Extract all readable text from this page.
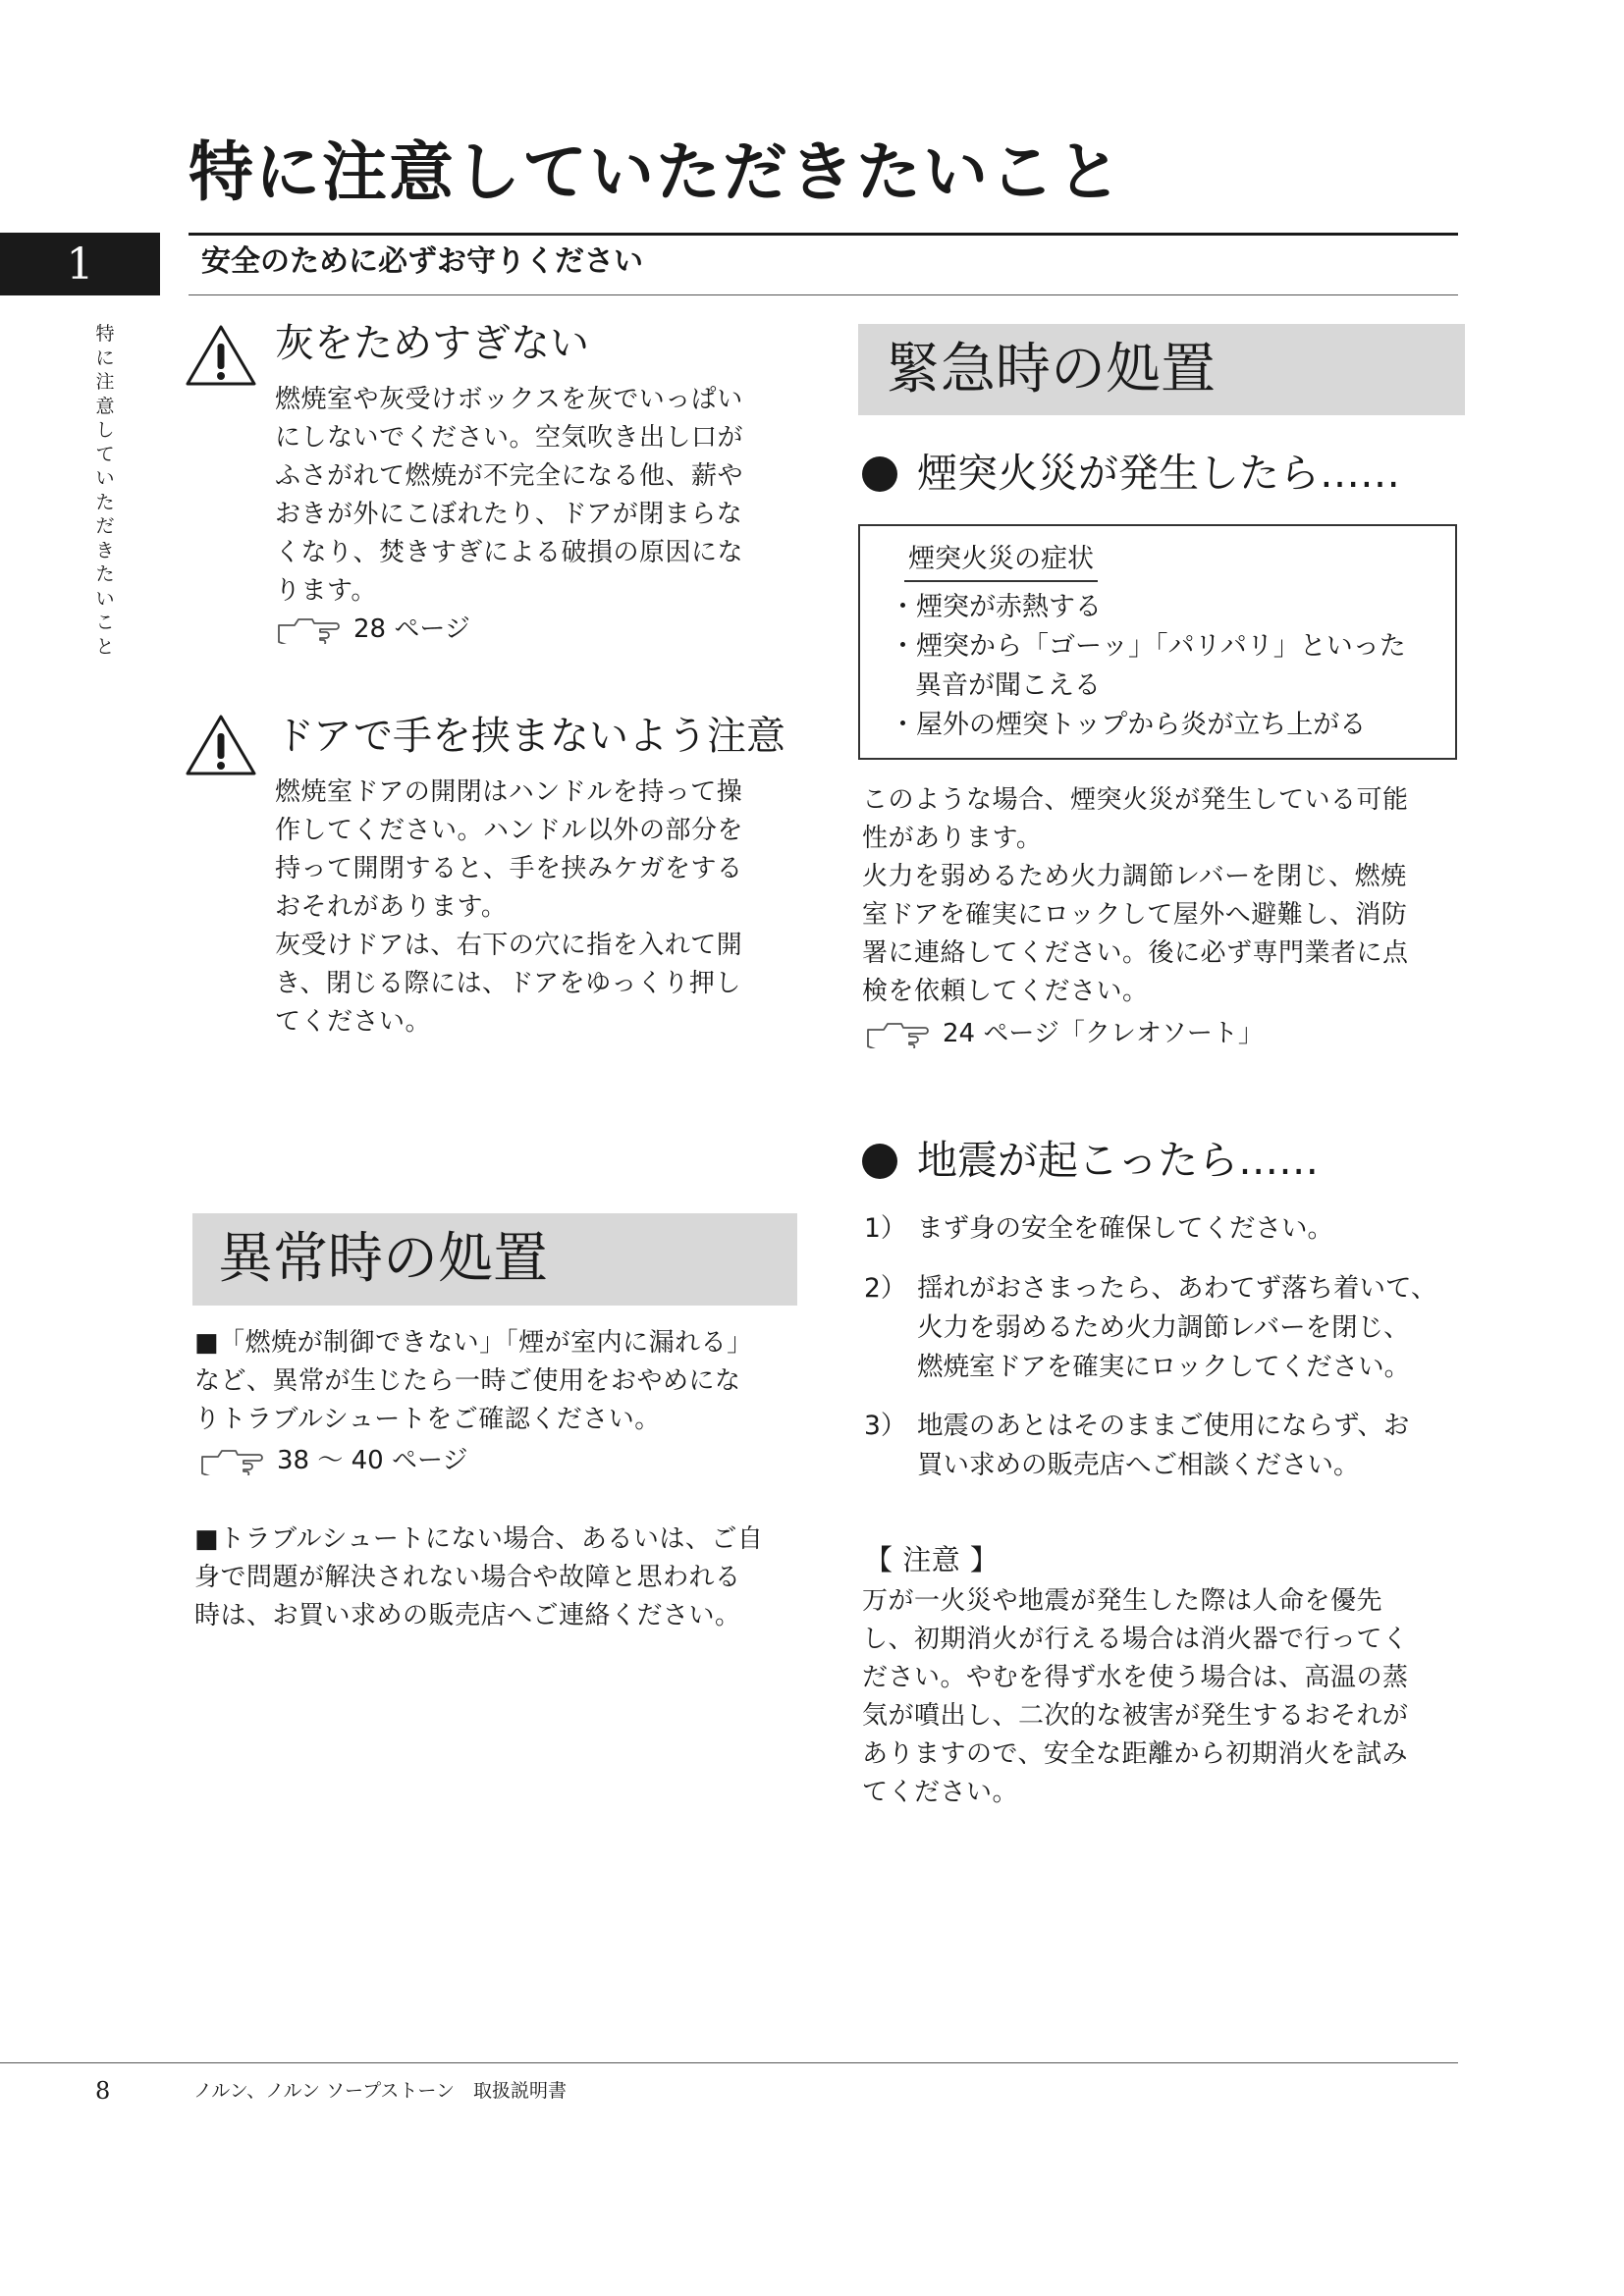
特に注意していただきたいこと
1	安全のために必ずお守りください
特
に
注
意
し
て
い
た
だ
き
た
い
こ
と
灰をためすぎない

燃焼室や灰受けボックスを灰でいっぱい

にしないでください。空気吹き出し口が

ふさがれて燃焼が不完全になる他、薪や

おきが外にこぼれたり、ドアが閉まらな

くなり、焚きすぎによる破損の原因にな

ります。

28 ページ
ドアで手を挟まないよう注意

燃焼室ドアの開閉はハンドルを持って操

作してください。ハンドル以外の部分を

持って開閉すると、手を挟みケガをする

おそれがあります。

灰受けドアは、右下の穴に指を入れて開

き、閉じる際には、ドアをゆっくり押し

てください。

異常時の処置

■「燃焼が制御できない」「煙が室内に漏れる」

など、異常が生じたら一時ご使用をおやめにな

りトラブルシュートをご確認ください。

38 ～ 40 ページ

■トラブルシュートにない場合、あるいは、ご自

身で問題が解決されない場合や故障と思われる

時は、お買い求めの販売店へご連絡ください。

緊急時の処置
煙突火災が発生したら……
煙突火災の症状
・煙突が赤熱する
・煙突から「ゴーッ」「パリパリ」といった
異音が聞こえる
・屋外の煙突トップから炎が立ち上がる

このような場合、煙突火災が発生している可能

性があります。

火力を弱めるため火力調節レバーを閉じ、燃焼

室ドアを確実にロックして屋外へ避難し、消防

署に連絡してください。後に必ず専門業者に点

検を依頼してください。

24 ページ「クレオソート」
地震が起こったら……
1） まず身の安全を確保してください。
2） 揺れがおさまったら、あわてず落ち着いて、
火力を弱めるため火力調節レバーを閉じ、
燃焼室ドアを確実にロックしてください。
3） 地震のあとはそのままご使用にならず、お
買い求めの販売店へご相談ください。
【 注意 】

万が一火災や地震が発生した際は人命を優先

し、初期消火が行える場合は消火器で行ってく

ださい。やむを得ず水を使う場合は、高温の蒸

気が噴出し、二次的な被害が発生するおそれが

ありますので、安全な距離から初期消火を試み

てください。

8	ノルン、ノルン ソープストーン　取扱説明書
